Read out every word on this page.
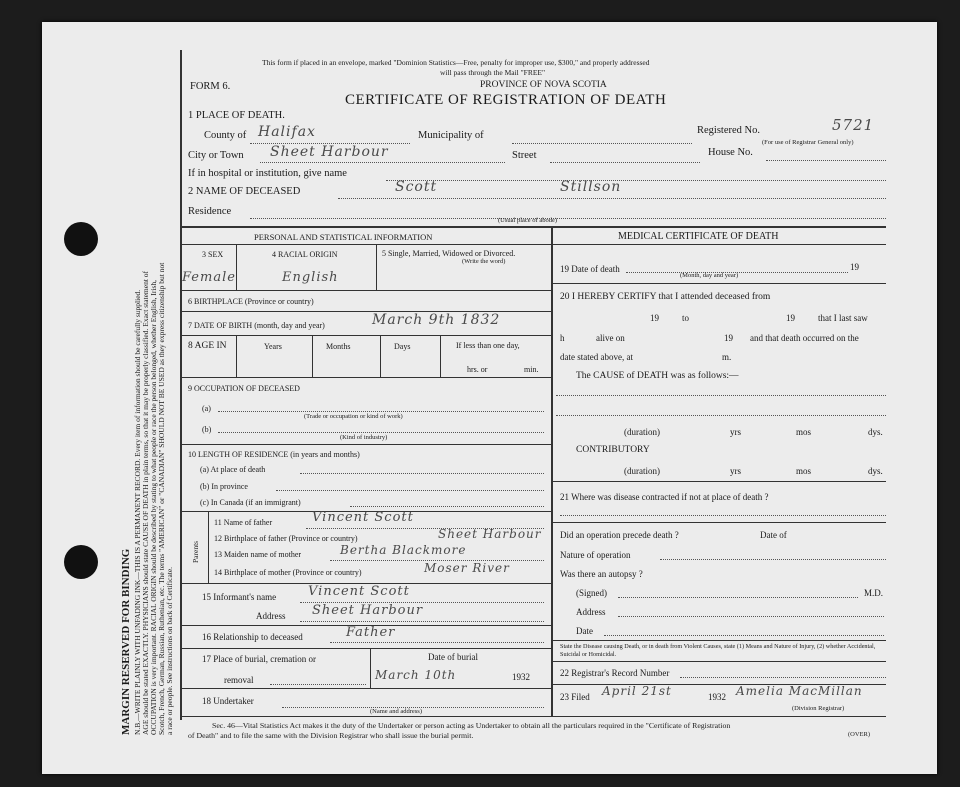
MARGIN RESERVED FOR BINDING N.B.—WRITE PLAINLY WITH UNFADING INK—THIS IS A PERMANENT RECORD. Every item of information should be carefully supplied. AGE should be stated EXACTLY. PHYSICIANS should state CAUSE OF DEATH in plain terms, so that it may be properly classified. Exact statement of OCCUPATION is very important. RACIAL ORIGIN should be described by stating to what people or race the person belonged, whether English, Irish, Scotch, French, German, Russian, Ruthenian, etc. The terms "AMERICAN" or "CANADIAN" SHOULD NOT BE USED as they express citizenship but not a race or people. See instructions on back of Certificate.
This form if placed in an envelope, marked "Dominion Statistics—Free, penalty for improper use, $300," and properly addressed
will pass through the Mail "FREE"
PROVINCE OF NOVA SCOTIA
FORM 6.
CERTIFICATE OF REGISTRATION OF DEATH
1 PLACE OF DEATH.
County of Halifax	Municipality of	Registered No.	5721
(For use of Registrar General only)
City or Town Sheet Harbour	Street	House No.
If in hospital or institution, give name
2 NAME OF DECEASED	Scott	Stillson
Residence
(Usual place of abode)
PERSONAL AND STATISTICAL INFORMATION
3 SEX	4 RACIAL ORIGIN	5 Single, Married, Widowed or Divorced.
(Write the word)
Female	English
6 BIRTHPLACE (Province or country)
7 DATE OF BIRTH (month, day and year)	March 9th 1832
8 AGE IN	Years	Months	Days	If less than one day,
hrs. or	min.
9 OCCUPATION OF DECEASED
(a)
(Trade or occupation or kind of work)
(b)
(Kind of industry)
10 LENGTH OF RESIDENCE (in years and months)
(a) At place of death
(b) In province
(c) In Canada (if an immigrant)
Parents
11 Name of father	Vincent Scott
12 Birthplace of father (Province or country)	Sheet Harbour
13 Maiden name of mother	Bertha Blackmore
14 Birthplace of mother (Province or country)	Moser River
15 Informant's name Vincent Scott
Address Sheet Harbour
16 Relationship to deceased	Father
17 Place of burial, cremation or
removal
Date of burial
March 10th	1932
18 Undertaker
(Name and address)
MEDICAL CERTIFICATE OF DEATH
19 Date of death	19
(Month, day and year)
20 I HEREBY CERTIFY that I attended deceased from
19	to	19	that I last saw
h	alive on	19 and that death occurred on the
date stated above, at	m.
The CAUSE of DEATH was as follows:—
(duration)	yrs	mos	dys.
CONTRIBUTORY
(duration)	yrs	mos	dys.
21 Where was disease contracted if not at place of death ?
Did an operation precede death ?	Date of
Nature of operation
Was there an autopsy ?
(Signed)	M.D.
Address
Date
State the Disease causing Death, or in death from Violent Causes, state (1) Means and Nature of Injury, (2) whether Accidental, Suicidal or Homicidal.
22 Registrar's Record Number
23 Filed April 21st	1932 Amelia MacMillan
(Division Registrar)
Sec. 46—Vital Statistics Act makes it the duty of the Undertaker or person acting as Undertaker to obtain all the particulars required in the "Certificate of Registration
of Death" and to file the same with the Division Registrar who shall issue the burial permit.	(OVER)
